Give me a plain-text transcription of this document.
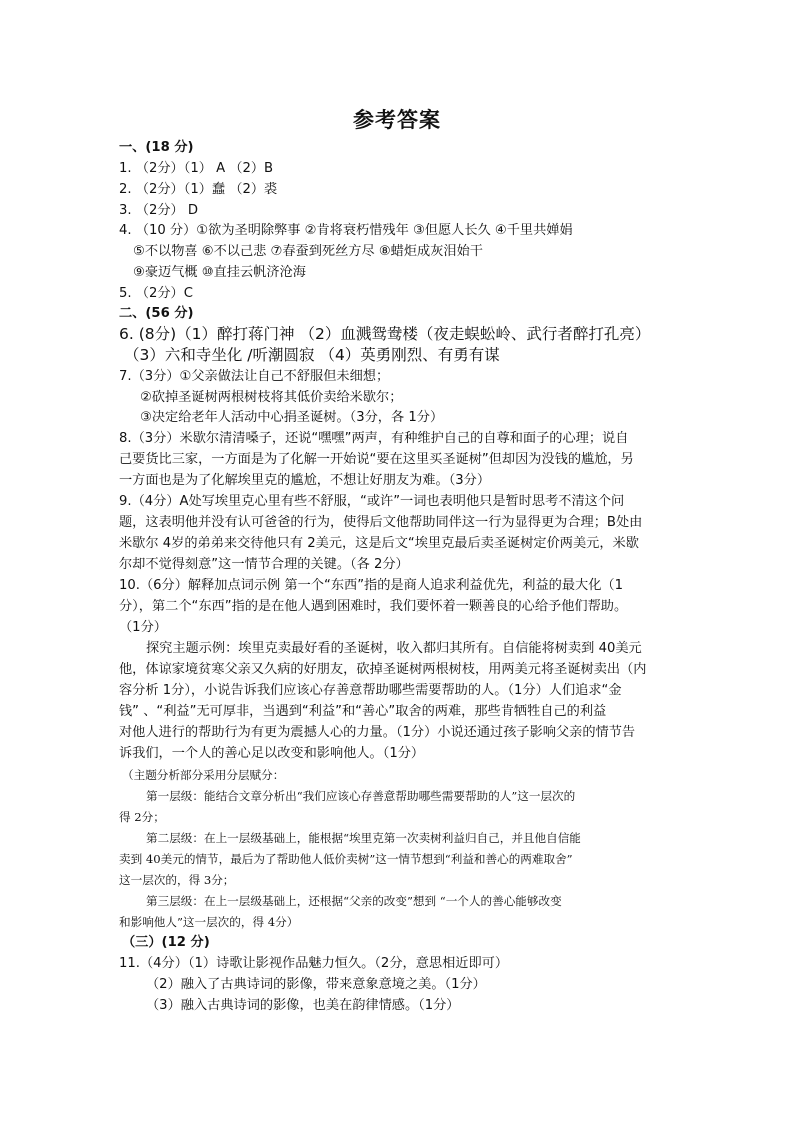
参考答案
一、(18 分)
1. （2分）（1） A （2）B
2. （2分）（1）蠢 （2）裘
3. （2分） D
4. （10 分）①欲为圣明除弊事 ②肯将衰朽惜残年 ③但愿人长久 ④千里共婵娟
⑤不以物喜 ⑥不以己悲 ⑦春蚕到死丝方尽 ⑧蜡炬成灰泪始干
⑨豪迈气概 ⑩直挂云帆济沧海
5. （2分）C
二、(56 分)
6. (8分)（1）醉打蒋门神 （2）血溅鸳鸯楼（夜走蜈蚣岭、武行者醉打孔亮）
（3）六和寺坐化 /听潮圆寂 （4）英勇刚烈、有勇有谋
7.（3分）①父亲做法让自己不舒服但未细想；
②砍掉圣诞树两根树枝将其低价卖给米歇尔；
③决定给老年人活动中心捐圣诞树。（3分，各 1分）
8.（3分）米歇尔清清嗓子，还说“嘿嘿”两声，有种维护自己的自尊和面子的心理；说自
己要货比三家，一方面是为了化解一开始说“要在这里买圣诞树”但却因为没钱的尴尬，另
一方面也是为了化解埃里克的尴尬，不想让好朋友为难。（3分）
9.（4分）A处写埃里克心里有些不舒服，“或许”一词也表明他只是暂时思考不清这个问
题，这表明他并没有认可爸爸的行为，使得后文他帮助同伴这一行为显得更为合理；B处由
米歇尔 4岁的弟弟来交待他只有 2美元，这是后文“埃里克最后卖圣诞树定价两美元，米歇
尔却不觉得刻意”这一情节合理的关键。（各 2分）
10.（6分）解释加点词示例 第一个“东西”指的是商人追求利益优先，利益的最大化（1
分），第二个“东西”指的是在他人遇到困难时，我们要怀着一颗善良的心给予他们帮助。
（1分）
探究主题示例：埃里克卖最好看的圣诞树，收入都归其所有。自信能将树卖到 40美元
他，体谅家境贫寒父亲又久病的好朋友，砍掉圣诞树两根树枝，用两美元将圣诞树卖出（内
容分析 1分），小说告诉我们应该心存善意帮助哪些需要帮助的人。（1分）人们追求“金
钱” 、“利益”无可厚非，当遇到“利益”和“善心”取舍的两难，那些肯牺牲自己的利益
对他人进行的帮助行为有更为震撼人心的力量。（1分）小说还通过孩子影响父亲的情节告
诉我们，一个人的善心足以改变和影响他人。（1分）
（主题分析部分采用分层赋分：
第一层级：能结合文章分析出“我们应该心存善意帮助哪些需要帮助的人”这一层次的
得 2分；
第二层级：在上一层级基础上，能根据“埃里克第一次卖树利益归自己，并且他自信能
卖到 40美元的情节，最后为了帮助他人低价卖树”这一情节想到“利益和善心的两难取舍”
这一层次的，得 3分；
第三层级：在上一层级基础上，还根据“父亲的改变”想到 “一个人的善心能够改变
和影响他人”这一层次的，得 4分）
（三）(12 分)
11.（4分）（1）诗歌让影视作品魅力恒久。（2分，意思相近即可）
（2）融入了古典诗词的影像，带来意象意境之美。（1分）
（3）融入古典诗词的影像，也美在韵律情感。（1分）
